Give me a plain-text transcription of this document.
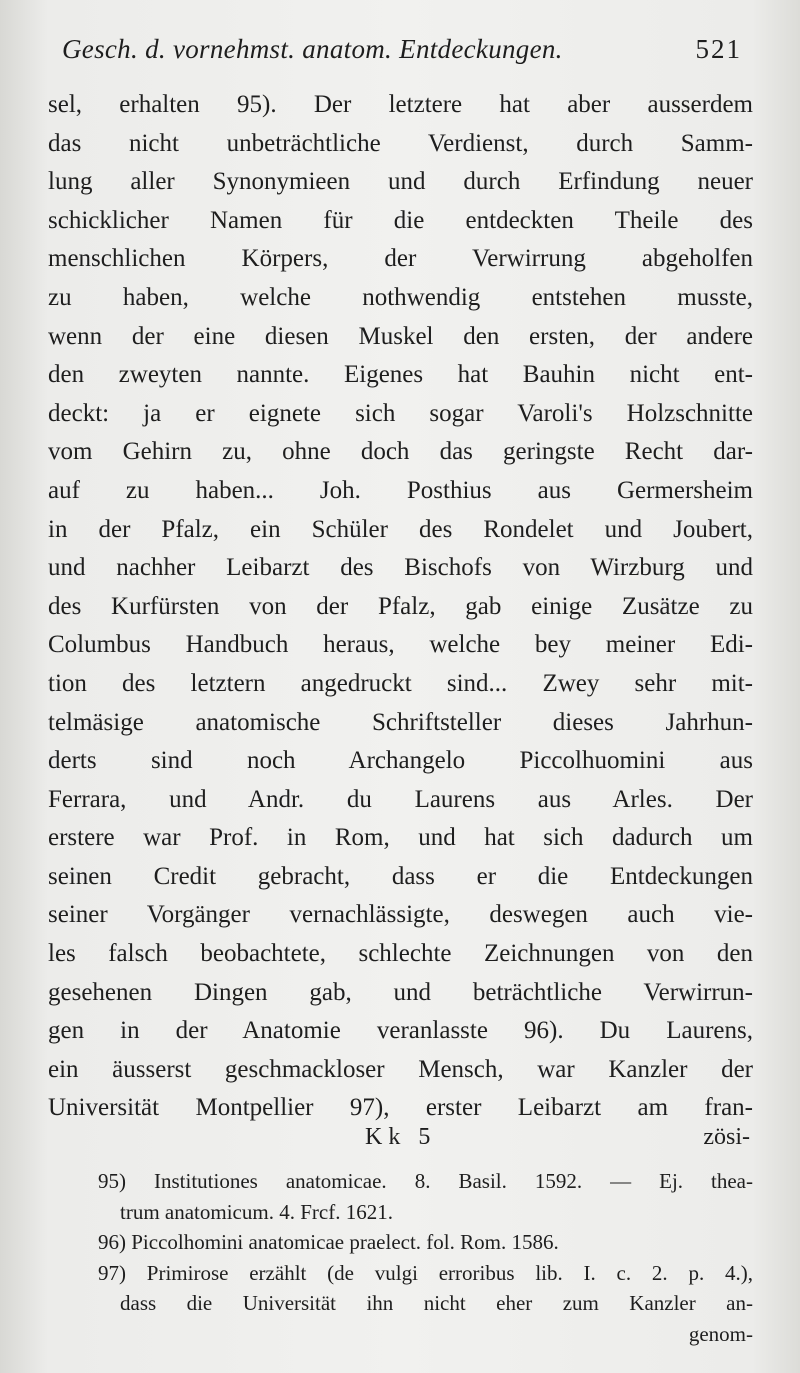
Gesch. d. vornehmst. anatom. Entdeckungen.	521
sel, erhalten 95). Der letztere hat aber ausserdem
das nicht unbeträchtliche Verdienst, durch Samm-
lung aller Synonymieen und durch Erfindung neuer
schicklicher Namen für die entdeckten Theile des
menschlichen Körpers, der Verwirrung abgeholfen
zu haben, welche nothwendig entstehen musste,
wenn der eine diesen Muskel den ersten, der andere
den zweyten nannte. Eigenes hat Bauhin nicht ent-
deckt: ja er eignete sich sogar Varoli's Holzschnitte
vom Gehirn zu, ohne doch das geringste Recht dar-
auf zu haben... Joh. Posthius aus Germersheim
in der Pfalz, ein Schüler des Rondelet und Joubert,
und nachher Leibarzt des Bischofs von Wirzburg und
des Kurfürsten von der Pfalz, gab einige Zusätze zu
Columbus Handbuch heraus, welche bey meiner Edi-
tion des letztern angedruckt sind... Zwey sehr mit-
telmäsige anatomische Schriftsteller dieses Jahrhun-
derts sind noch Archangelo Piccolhuomini aus
Ferrara, und Andr. du Laurens aus Arles. Der
erstere war Prof. in Rom, und hat sich dadurch um
seinen Credit gebracht, dass er die Entdeckungen
seiner Vorgänger vernachlässigte, deswegen auch vie-
les falsch beobachtete, schlechte Zeichnungen von den
gesehenen Dingen gab, und beträchtliche Verwirrun-
gen in der Anatomie veranlasste 96). Du Laurens,
ein äusserst geschmackloser Mensch, war Kanzler der
Universität Montpellier 97), erster Leibarzt am fran-
Kk 5	zösi-
95) Institutiones anatomicae. 8. Basil. 1592. — Ej. thea-
trum anatomicum. 4. Frcf. 1621.
96) Piccolhomini anatomicae praelect. fol. Rom. 1586.
97) Primirose erzählt (de vulgi erroribus lib. I. c. 2. p. 4.),
dass die Universität ihn nicht eher zum Kanzler an-
genom-
